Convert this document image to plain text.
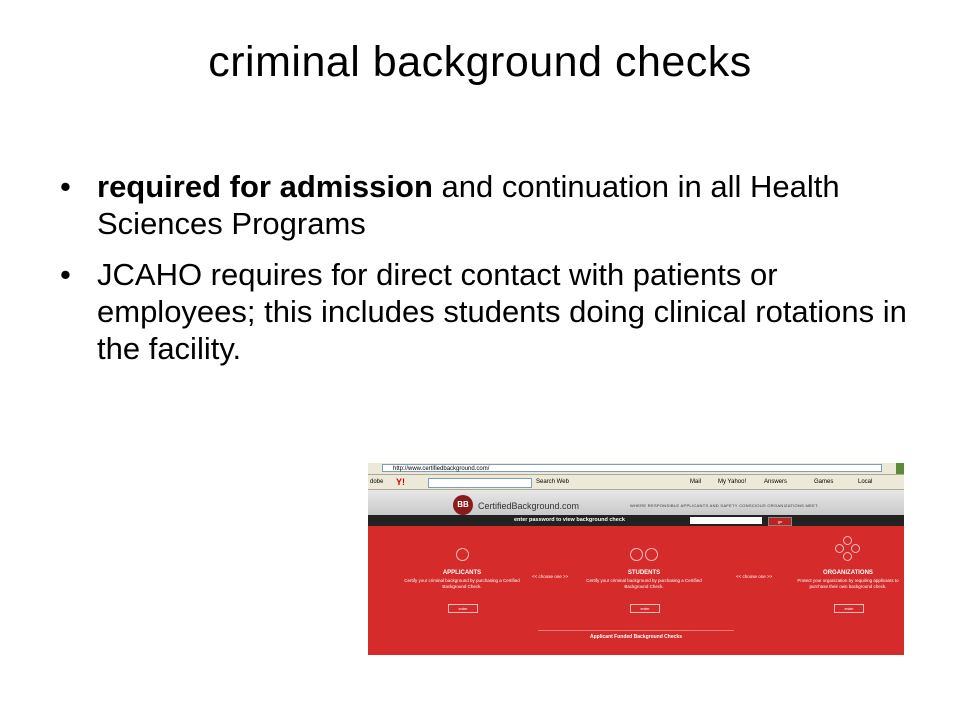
criminal background checks
• required for admission and continuation in all Health Sciences Programs
• JCAHO requires for direct contact with patients or employees; this includes students doing clinical rotations in the facility.
http://www.certifiedbackground.com/
dobe Y!	Search Web	Mail	My Yahoo!	Answers	Games	Local
BB	CertifiedBackground.com	WHERE RESPONSIBLE APPLICANTS AND SAFETY CONSCIOUS ORGANIZATIONS MEET.
enter password to view background check	go
APPLICANTS
Certify your criminal background by purchasing a Certified Background Check.
enter
<< choose one >>
STUDENTS
Certify your criminal background by purchasing a Certified Background Check.
enter
<< choose one >>
ORGANIZATIONS
Protect your organization by requiring applicants to purchase their own background check.
enter
Applicant Funded Background Checks
